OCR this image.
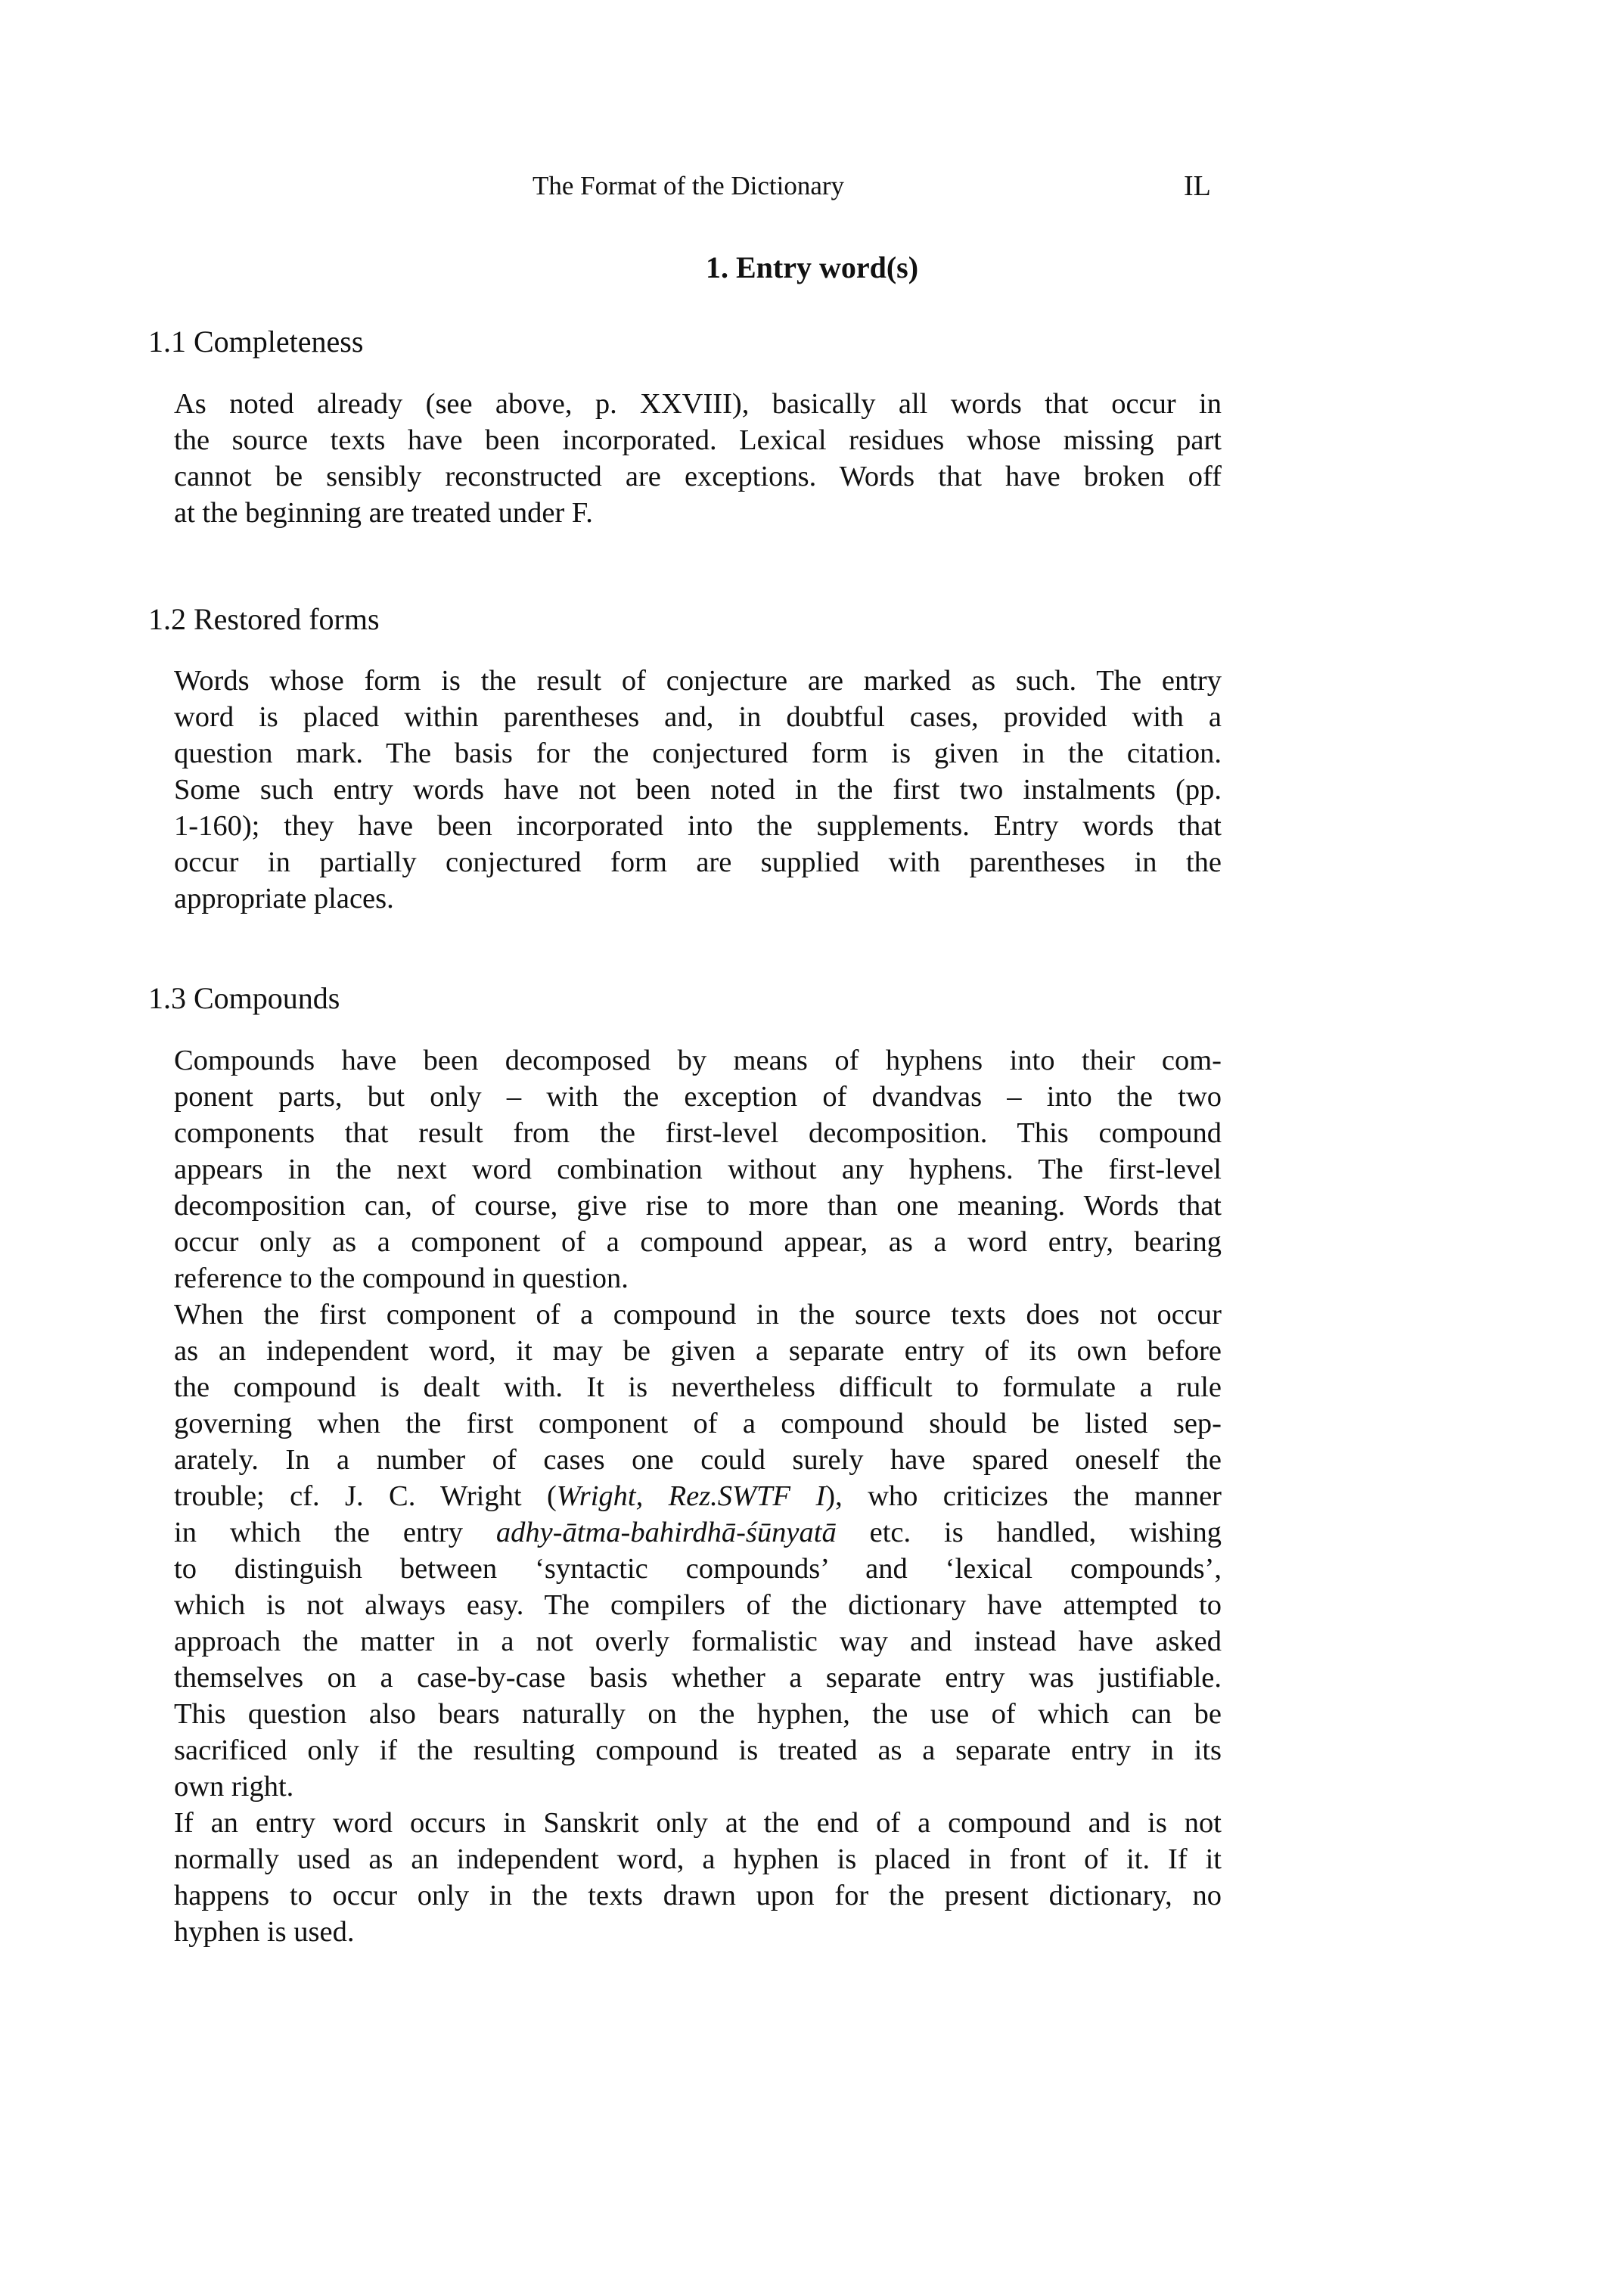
The Format of the Dictionary	IL
1. Entry word(s)
1.1 Completeness
As noted already (see above, p. XXVIII), basically all words that occur in
the source texts have been incorporated. Lexical residues whose missing part
cannot be sensibly reconstructed are exceptions. Words that have broken off
at the beginning are treated under F.
1.2 Restored forms
Words whose form is the result of conjecture are marked as such. The entry
word is placed within parentheses and, in doubtful cases, provided with a
question mark. The basis for the conjectured form is given in the citation.
Some such entry words have not been noted in the first two instalments (pp.
1-160); they have been incorporated into the supplements. Entry words that
occur in partially conjectured form are supplied with parentheses in the
appropriate places.
1.3 Compounds
Compounds have been decomposed by means of hyphens into their com-
ponent parts, but only – with the exception of dvandvas – into the two
components that result from the first-level decomposition. This compound
appears in the next word combination without any hyphens. The first-level
decomposition can, of course, give rise to more than one meaning. Words that
occur only as a component of a compound appear, as a word entry, bearing
reference to the compound in question.
When the first component of a compound in the source texts does not occur
as an independent word, it may be given a separate entry of its own before
the compound is dealt with. It is nevertheless difficult to formulate a rule
governing when the first component of a compound should be listed sep-
arately. In a number of cases one could surely have spared oneself the
trouble; cf. J. C. Wright (Wright, Rez.SWTF I), who criticizes the manner
in which the entry adhy-ātma-bahirdhā-śūnyatā etc. is handled, wishing
to distinguish between ‘syntactic compounds’ and ‘lexical compounds’,
which is not always easy. The compilers of the dictionary have attempted to
approach the matter in a not overly formalistic way and instead have asked
themselves on a case-by-case basis whether a separate entry was justifiable.
This question also bears naturally on the hyphen, the use of which can be
sacrificed only if the resulting compound is treated as a separate entry in its
own right.
If an entry word occurs in Sanskrit only at the end of a compound and is not
normally used as an independent word, a hyphen is placed in front of it. If it
happens to occur only in the texts drawn upon for the present dictionary, no
hyphen is used.
